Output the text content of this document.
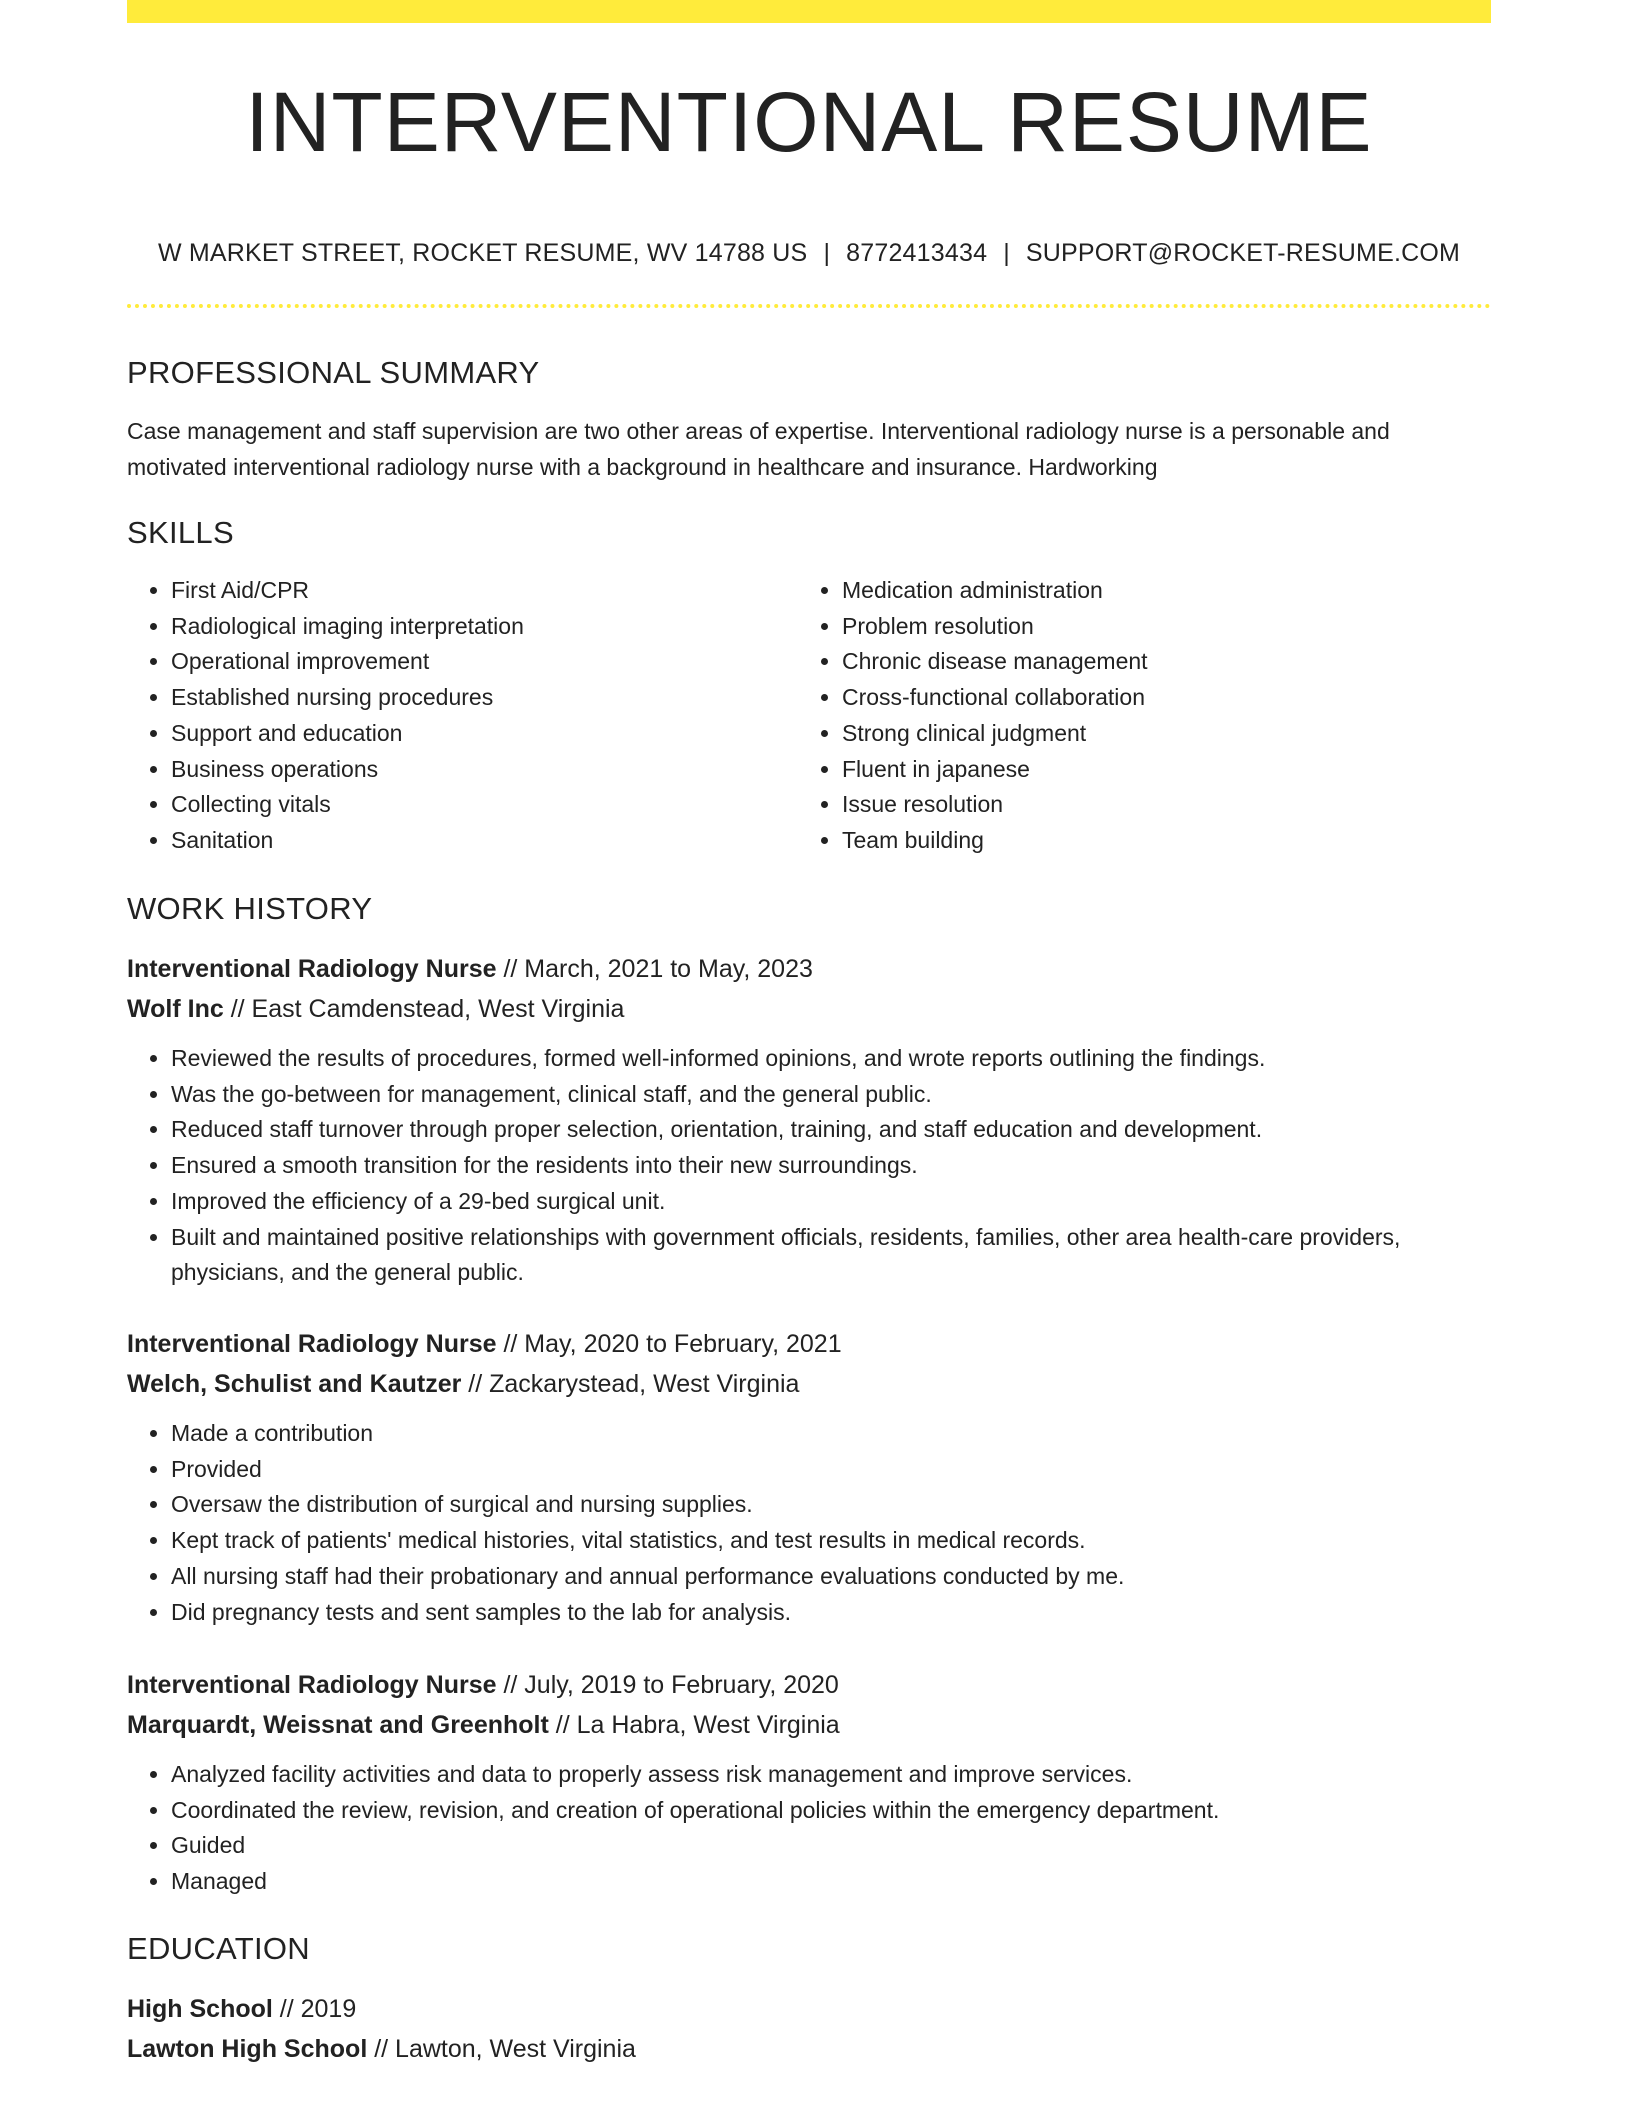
INTERVENTIONAL RESUME
W MARKET STREET, ROCKET RESUME, WV 14788 US | 8772413434 | SUPPORT@ROCKET-RESUME.COM
PROFESSIONAL SUMMARY
Case management and staff supervision are two other areas of expertise. Interventional radiology nurse is a personable and motivated interventional radiology nurse with a background in healthcare and insurance. Hardworking
SKILLS
• First Aid/CPR
• Radiological imaging interpretation
• Operational improvement
• Established nursing procedures
• Support and education
• Business operations
• Collecting vitals
• Sanitation
• Medication administration
• Problem resolution
• Chronic disease management
• Cross-functional collaboration
• Strong clinical judgment
• Fluent in japanese
• Issue resolution
• Team building
WORK HISTORY
Interventional Radiology Nurse // March, 2021 to May, 2023
Wolf Inc // East Camdenstead, West Virginia
• Reviewed the results of procedures, formed well-informed opinions, and wrote reports outlining the findings.
• Was the go-between for management, clinical staff, and the general public.
• Reduced staff turnover through proper selection, orientation, training, and staff education and development.
• Ensured a smooth transition for the residents into their new surroundings.
• Improved the efficiency of a 29-bed surgical unit.
• Built and maintained positive relationships with government officials, residents, families, other area health-care providers, physicians, and the general public.
Interventional Radiology Nurse // May, 2020 to February, 2021
Welch, Schulist and Kautzer // Zackarystead, West Virginia
• Made a contribution
• Provided
• Oversaw the distribution of surgical and nursing supplies.
• Kept track of patients' medical histories, vital statistics, and test results in medical records.
• All nursing staff had their probationary and annual performance evaluations conducted by me.
• Did pregnancy tests and sent samples to the lab for analysis.
Interventional Radiology Nurse // July, 2019 to February, 2020
Marquardt, Weissnat and Greenholt // La Habra, West Virginia
• Analyzed facility activities and data to properly assess risk management and improve services.
• Coordinated the review, revision, and creation of operational policies within the emergency department.
• Guided
• Managed
EDUCATION
High School // 2019
Lawton High School // Lawton, West Virginia
